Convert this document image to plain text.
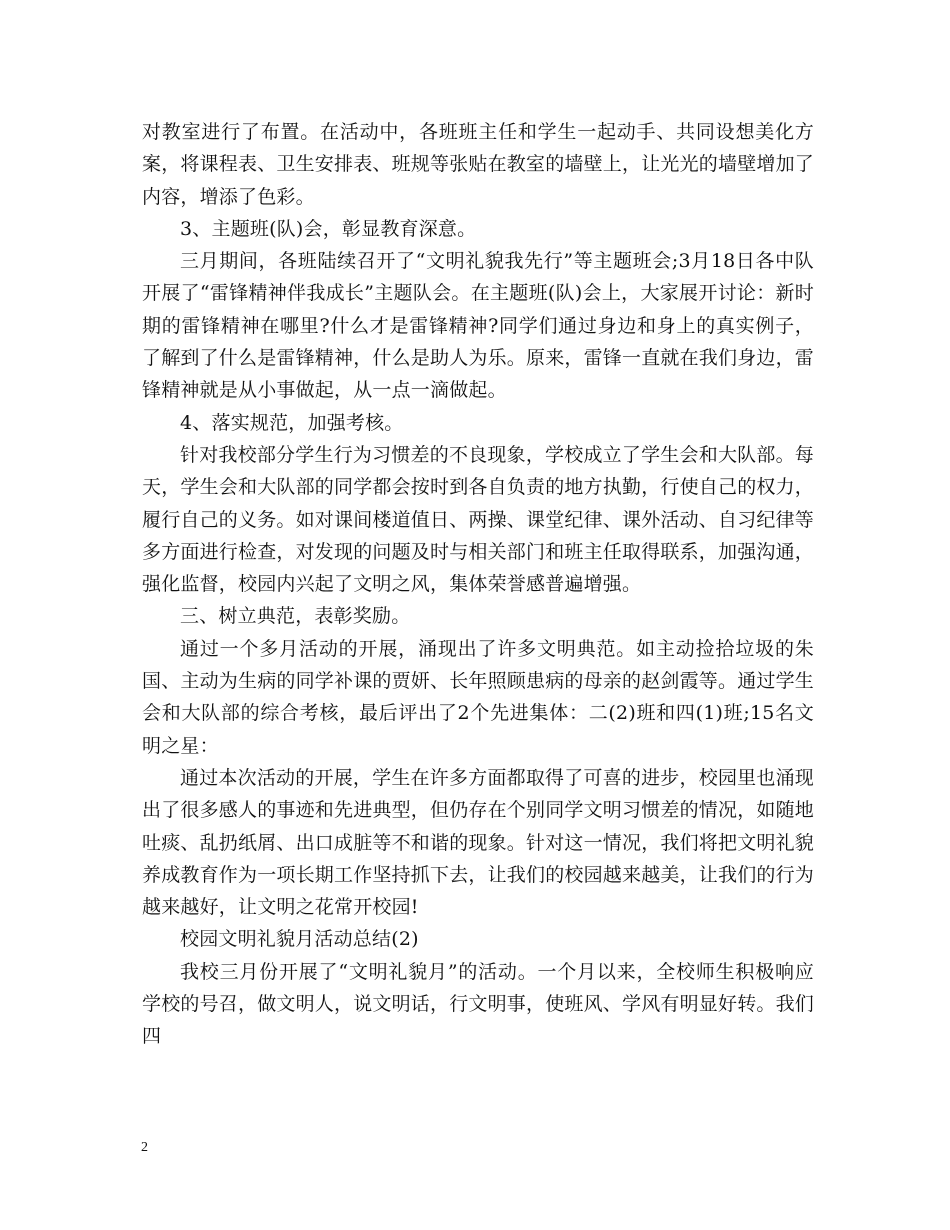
对教室进行了布置。在活动中，各班班主任和学生一起动手、共同设想美化方案，将课程表、卫生安排表、班规等张贴在教室的墙壁上，让光光的墙壁增加了内容，增添了色彩。

3、主题班(队)会，彰显教育深意。

三月期间，各班陆续召开了“文明礼貌我先行”等主题班会;3月18日各中队开展了“雷锋精神伴我成长”主题队会。在主题班(队)会上，大家展开讨论：新时期的雷锋精神在哪里?什么才是雷锋精神?同学们通过身边和身上的真实例子，了解到了什么是雷锋精神，什么是助人为乐。原来，雷锋一直就在我们身边，雷锋精神就是从小事做起，从一点一滴做起。

4、落实规范，加强考核。

针对我校部分学生行为习惯差的不良现象，学校成立了学生会和大队部。每天，学生会和大队部的同学都会按时到各自负责的地方执勤，行使自己的权力，履行自己的义务。如对课间楼道值日、两操、课堂纪律、课外活动、自习纪律等多方面进行检查，对发现的问题及时与相关部门和班主任取得联系，加强沟通，强化监督，校园内兴起了文明之风，集体荣誉感普遍增强。

三、树立典范，表彰奖励。

通过一个多月活动的开展，涌现出了许多文明典范。如主动捡拾垃圾的朱国、主动为生病的同学补课的贾妍、长年照顾患病的母亲的赵剑霞等。通过学生会和大队部的综合考核，最后评出了2个先进集体：二(2)班和四(1)班;15名文明之星：

通过本次活动的开展，学生在许多方面都取得了可喜的进步，校园里也涌现出了很多感人的事迹和先进典型，但仍存在个别同学文明习惯差的情况，如随地吐痰、乱扔纸屑、出口成脏等不和谐的现象。针对这一情况，我们将把文明礼貌养成教育作为一项长期工作坚持抓下去，让我们的校园越来越美，让我们的行为越来越好，让文明之花常开校园!

校园文明礼貌月活动总结(2)

我校三月份开展了“文明礼貌月”的活动。一个月以来，全校师生积极响应学校的号召，做文明人，说文明话，行文明事，使班风、学风有明显好转。我们四

2
